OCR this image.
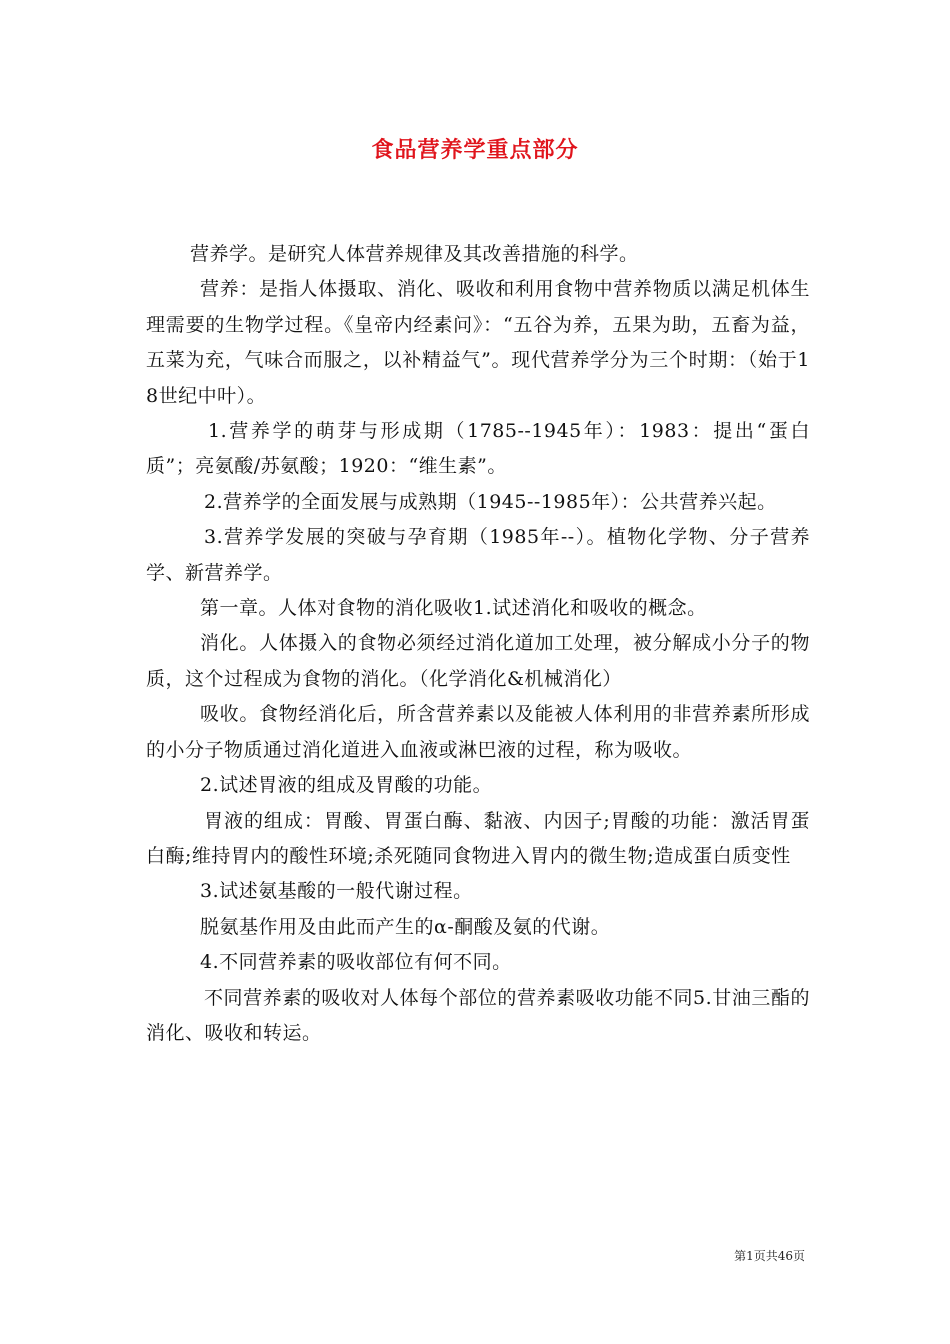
食品营养学重点部分

营养学。是研究人体营养规律及其改善措施的科学。

营养：是指人体摄取、消化、吸收和利用食物中营养物质以满足机体生理需要的生物学过程。《皇帝内经素问》：“五谷为养，五果为助，五畜为益，五菜为充，气味合而服之，以补精益气”。现代营养学分为三个时期：（始于18世纪中叶）。

1.营养学的萌芽与形成期（1785--1945年）：1983：提出“蛋白质”；亮氨酸/苏氨酸；1920：“维生素”。

2.营养学的全面发展与成熟期（1945--1985年）：公共营养兴起。

3.营养学发展的突破与孕育期（1985年--）。植物化学物、分子营养学、新营养学。

第一章。人体对食物的消化吸收1.试述消化和吸收的概念。

消化。人体摄入的食物必须经过消化道加工处理，被分解成小分子的物质，这个过程成为食物的消化。（化学消化&机械消化）

吸收。食物经消化后，所含营养素以及能被人体利用的非营养素所形成的小分子物质通过消化道进入血液或淋巴液的过程，称为吸收。

2.试述胃液的组成及胃酸的功能。

胃液的组成：胃酸、胃蛋白酶、黏液、内因子;胃酸的功能：激活胃蛋白酶;维持胃内的酸性环境;杀死随同食物进入胃内的微生物;造成蛋白质变性

3.试述氨基酸的一般代谢过程。

脱氨基作用及由此而产生的α-酮酸及氨的代谢。

4.不同营养素的吸收部位有何不同。

不同营养素的吸收对人体每个部位的营养素吸收功能不同5.甘油三酯的消化、吸收和转运。

第1页共46页
